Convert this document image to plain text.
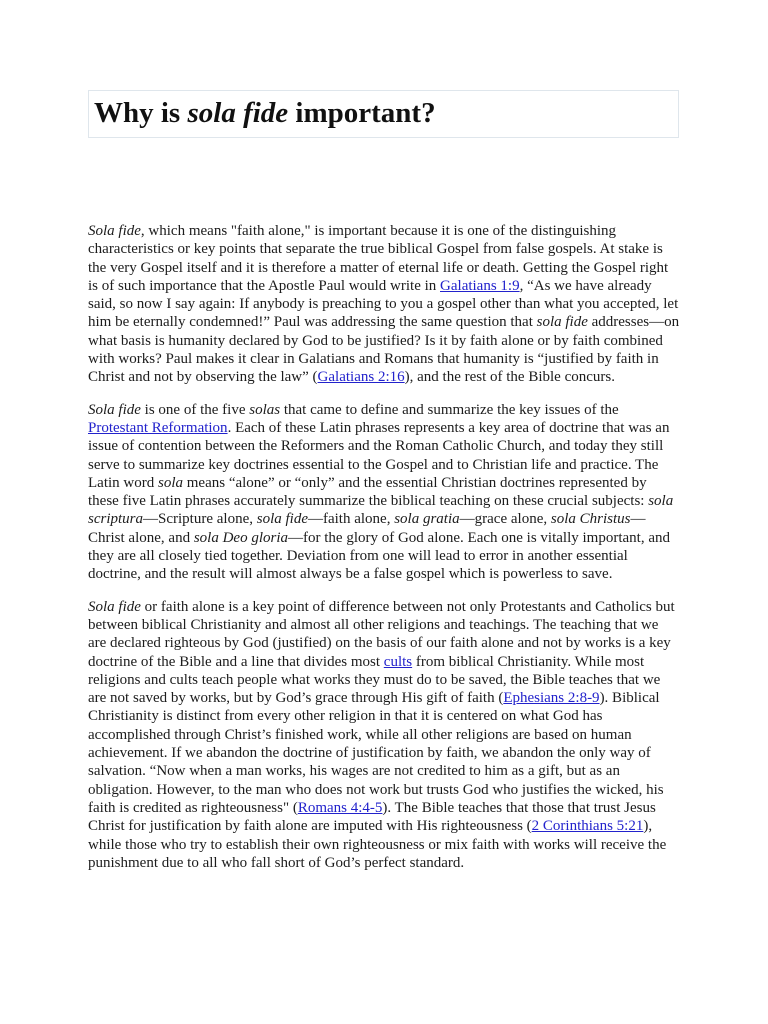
Why is sola fide important?

Sola fide, which means "faith alone," is important because it is one of the distinguishing characteristics or key points that separate the true biblical Gospel from false gospels. At stake is the very Gospel itself and it is therefore a matter of eternal life or death. Getting the Gospel right is of such importance that the Apostle Paul would write in Galatians 1:9, “As we have already said, so now I say again: If anybody is preaching to you a gospel other than what you accepted, let him be eternally condemned!” Paul was addressing the same question that sola fide addresses—on what basis is humanity declared by God to be justified? Is it by faith alone or by faith combined with works? Paul makes it clear in Galatians and Romans that humanity is “justified by faith in Christ and not by observing the law” (Galatians 2:16), and the rest of the Bible concurs.

Sola fide is one of the five solas that came to define and summarize the key issues of the Protestant Reformation. Each of these Latin phrases represents a key area of doctrine that was an issue of contention between the Reformers and the Roman Catholic Church, and today they still serve to summarize key doctrines essential to the Gospel and to Christian life and practice. The Latin word sola means “alone” or “only” and the essential Christian doctrines represented by these five Latin phrases accurately summarize the biblical teaching on these crucial subjects: sola scriptura—Scripture alone, sola fide—faith alone, sola gratia—grace alone, sola Christus—Christ alone, and sola Deo gloria—for the glory of God alone. Each one is vitally important, and they are all closely tied together. Deviation from one will lead to error in another essential doctrine, and the result will almost always be a false gospel which is powerless to save.

Sola fide or faith alone is a key point of difference between not only Protestants and Catholics but between biblical Christianity and almost all other religions and teachings. The teaching that we are declared righteous by God (justified) on the basis of our faith alone and not by works is a key doctrine of the Bible and a line that divides most cults from biblical Christianity. While most religions and cults teach people what works they must do to be saved, the Bible teaches that we are not saved by works, but by God’s grace through His gift of faith (Ephesians 2:8-9). Biblical Christianity is distinct from every other religion in that it is centered on what God has accomplished through Christ’s finished work, while all other religions are based on human achievement. If we abandon the doctrine of justification by faith, we abandon the only way of salvation. “Now when a man works, his wages are not credited to him as a gift, but as an obligation. However, to the man who does not work but trusts God who justifies the wicked, his faith is credited as righteousness" (Romans 4:4-5). The Bible teaches that those that trust Jesus Christ for justification by faith alone are imputed with His righteousness (2 Corinthians 5:21), while those who try to establish their own righteousness or mix faith with works will receive the punishment due to all who fall short of God’s perfect standard.
